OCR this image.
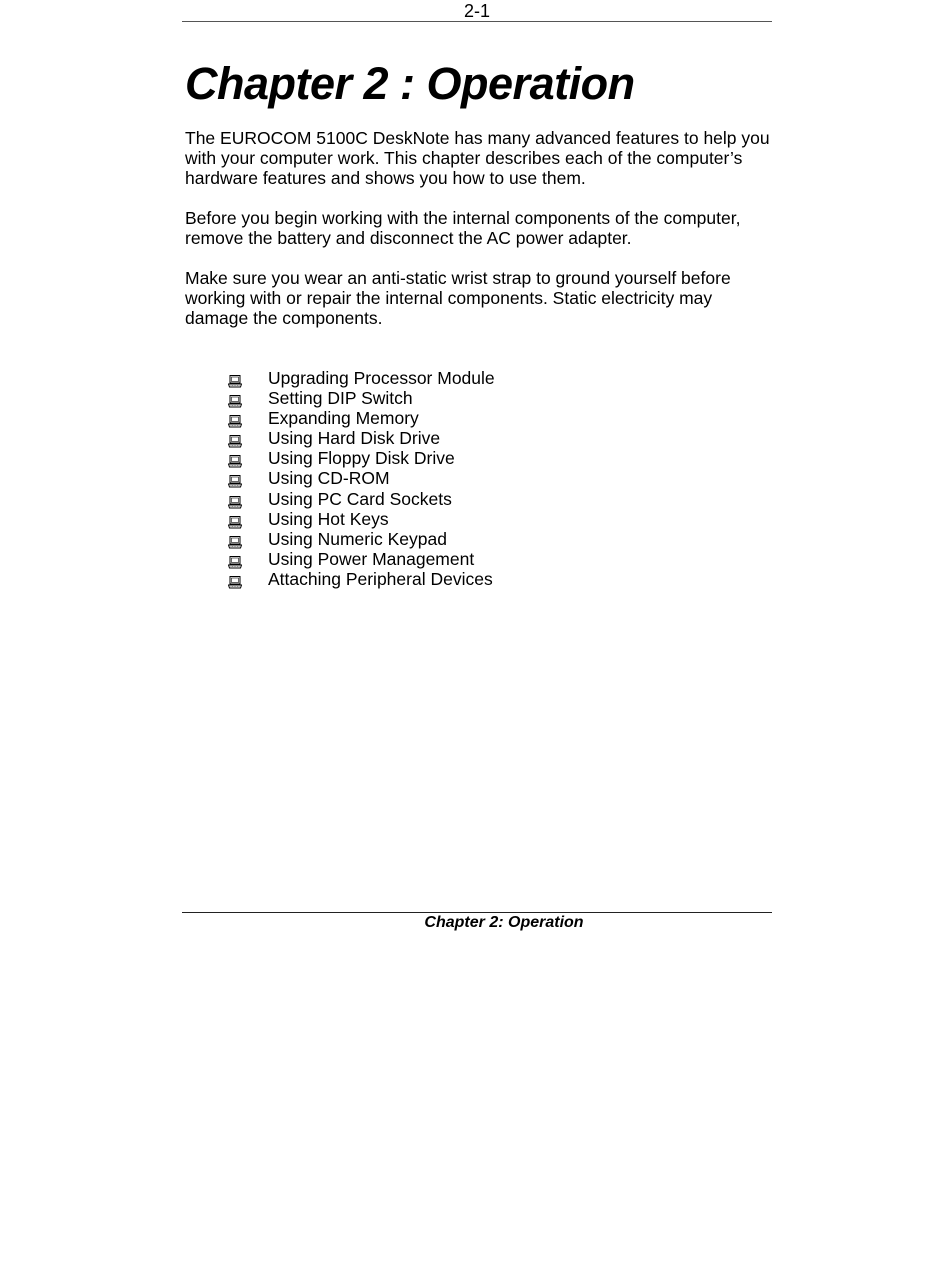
2-1
Chapter 2 : Operation

The EUROCOM 5100C DeskNote has many advanced features to help you with your computer work. This chapter describes each of the computer’s hardware features and shows you how to use them.

Before you begin working with the internal components of the computer, remove the battery and disconnect the AC power adapter.

Make sure you wear an anti-static wrist strap to ground yourself before working with or repair the internal components. Static electricity may damage the components.

Upgrading Processor Module
Setting DIP Switch
Expanding Memory
Using Hard Disk Drive
Using Floppy Disk Drive
Using CD-ROM
Using PC Card Sockets
Using Hot Keys
Using Numeric Keypad
Using Power Management
Attaching Peripheral Devices
Chapter 2: Operation
